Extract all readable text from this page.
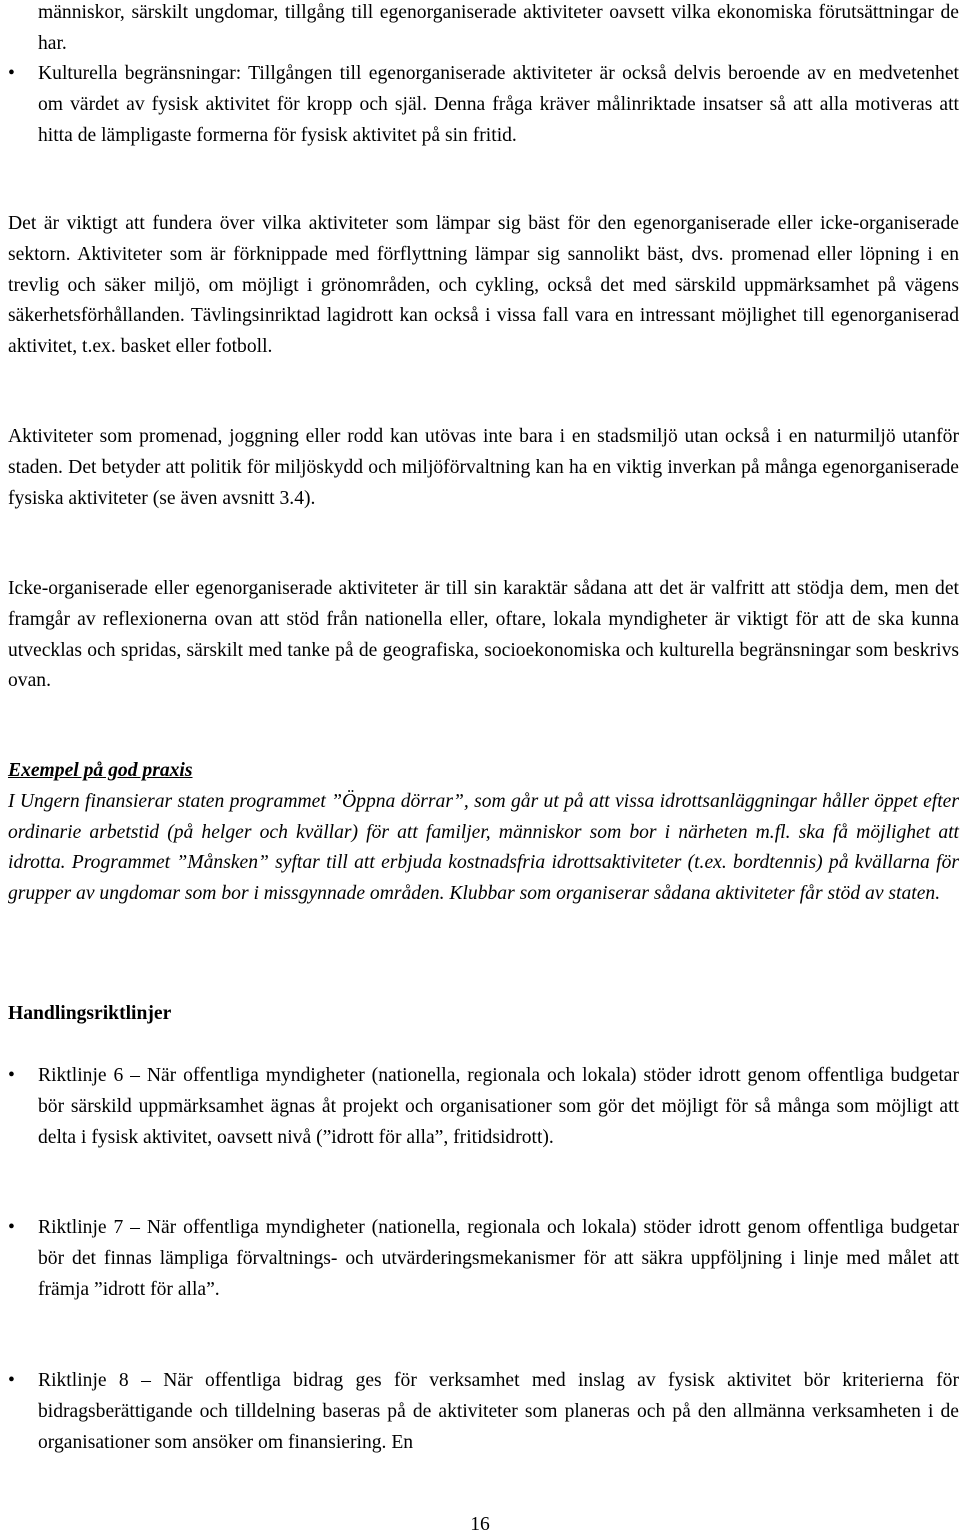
människor, särskilt ungdomar, tillgång till egenorganiserade aktiviteter oavsett vilka ekonomiska förutsättningar de har.

•	Kulturella begränsningar: Tillgången till egenorganiserade aktiviteter är också delvis beroende av en medvetenhet om värdet av fysisk aktivitet för kropp och själ. Denna fråga kräver målinriktade insatser så att alla motiveras att hitta de lämpligaste formerna för fysisk aktivitet på sin fritid.

Det är viktigt att fundera över vilka aktiviteter som lämpar sig bäst för den egenorganiserade eller icke-organiserade sektorn. Aktiviteter som är förknippade med förflyttning lämpar sig sannolikt bäst, dvs. promenad eller löpning i en trevlig och säker miljö, om möjligt i grönområden, och cykling, också det med särskild uppmärksamhet på vägens säkerhetsförhållanden. Tävlingsinriktad lagidrott kan också i vissa fall vara en intressant möjlighet till egenorganiserad aktivitet, t.ex. basket eller fotboll.

Aktiviteter som promenad, joggning eller rodd kan utövas inte bara i en stadsmiljö utan också i en naturmiljö utanför staden. Det betyder att politik för miljöskydd och miljöförvaltning kan ha en viktig inverkan på många egenorganiserade fysiska aktiviteter (se även avsnitt 3.4).

Icke-organiserade eller egenorganiserade aktiviteter är till sin karaktär sådana att det är valfritt att stödja dem, men det framgår av reflexionerna ovan att stöd från nationella eller, oftare, lokala myndigheter är viktigt för att de ska kunna utvecklas och spridas, särskilt med tanke på de geografiska, socioekonomiska och kulturella begränsningar som beskrivs ovan.

Exempel på god praxis

I Ungern finansierar staten programmet ”Öppna dörrar”, som går ut på att vissa idrottsanläggningar håller öppet efter ordinarie arbetstid (på helger och kvällar) för att familjer, människor som bor i närheten m.fl. ska få möjlighet att idrotta. Programmet ”Månsken” syftar till att erbjuda kostnadsfria idrottsaktiviteter (t.ex. bordtennis) på kvällarna för grupper av ungdomar som bor i missgynnade områden. Klubbar som organiserar sådana aktiviteter får stöd av staten.

Handlingsriktlinjer
•	Riktlinje 6 – När offentliga myndigheter (nationella, regionala och lokala) stöder idrott genom offentliga budgetar bör särskild uppmärksamhet ägnas åt projekt och organisationer som gör det möjligt för så många som möjligt att delta i fysisk aktivitet, oavsett nivå (”idrott för alla”, fritidsidrott).
•	Riktlinje 7 – När offentliga myndigheter (nationella, regionala och lokala) stöder idrott genom offentliga budgetar bör det finnas lämpliga förvaltnings- och utvärderingsmekanismer för att säkra uppföljning i linje med målet att främja ”idrott för alla”.
•	Riktlinje 8 – När offentliga bidrag ges för verksamhet med inslag av fysisk aktivitet bör kriterierna för bidragsberättigande och tilldelning baseras på de aktiviteter som planeras och på den allmänna verksamheten i de organisationer som ansöker om finansiering. En
16
